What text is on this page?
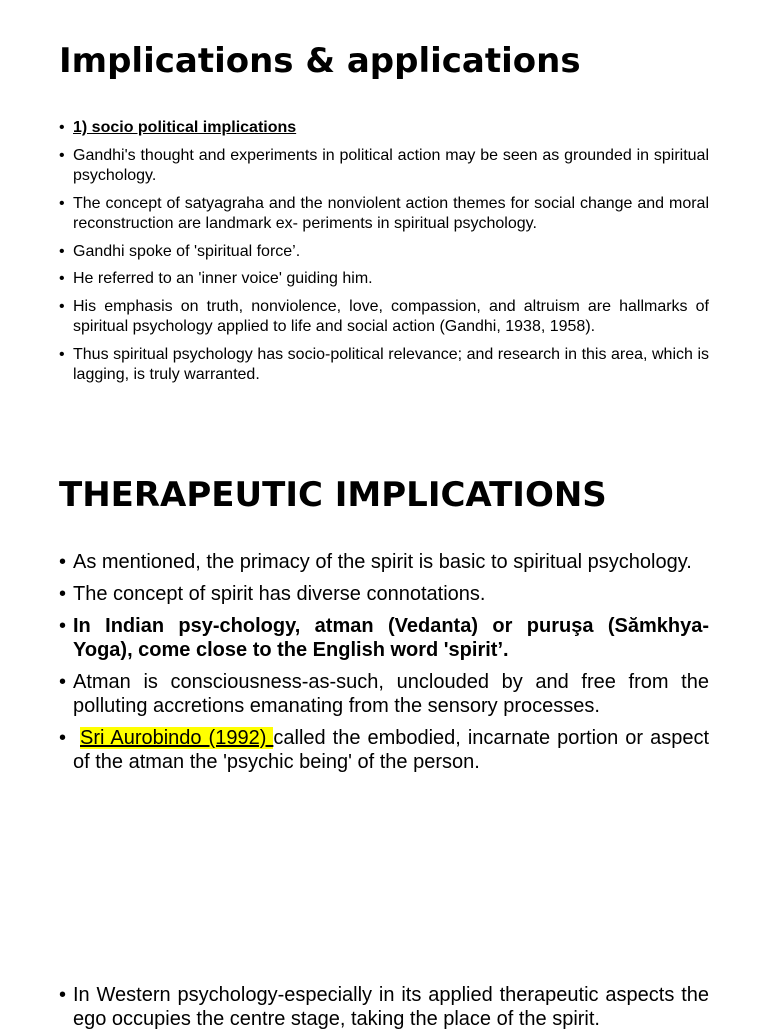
Implications & applications
• 1) socio political implications
• Gandhi's thought and experiments in political action may be seen as grounded in spiritual psychology.
• The concept of satyagraha and the nonviolent action themes for social change and moral reconstruction are landmark ex- periments in spiritual psychology.
• Gandhi spoke of 'spiritual force’.
• He referred to an 'inner voice' guiding him.
• His emphasis on truth, nonviolence, love, compassion, and altruism are hallmarks of spiritual psychology applied to life and social action (Gandhi, 1938, 1958).
• Thus spiritual psychology has socio-political relevance; and research in this area, which is lagging, is truly warranted.
THERAPEUTIC IMPLICATIONS
• As mentioned, the primacy of the spirit is basic to spiritual psychology.
• The concept of spirit has diverse connotations.
• In Indian psy-chology, atman (Vedanta) or puruşa (Sămkhya- Yoga), come close to the English word 'spirit’.
• Atman is consciousness-as-such, unclouded by and free from the polluting accretions emanating from the sensory processes.
• Sri Aurobindo (1992) called the embodied, incarnate portion or aspect of the atman the 'psychic being' of the person.
• In Western psychology-especially in its applied therapeutic aspects the ego occupies the centre stage, taking the place of the spirit.
